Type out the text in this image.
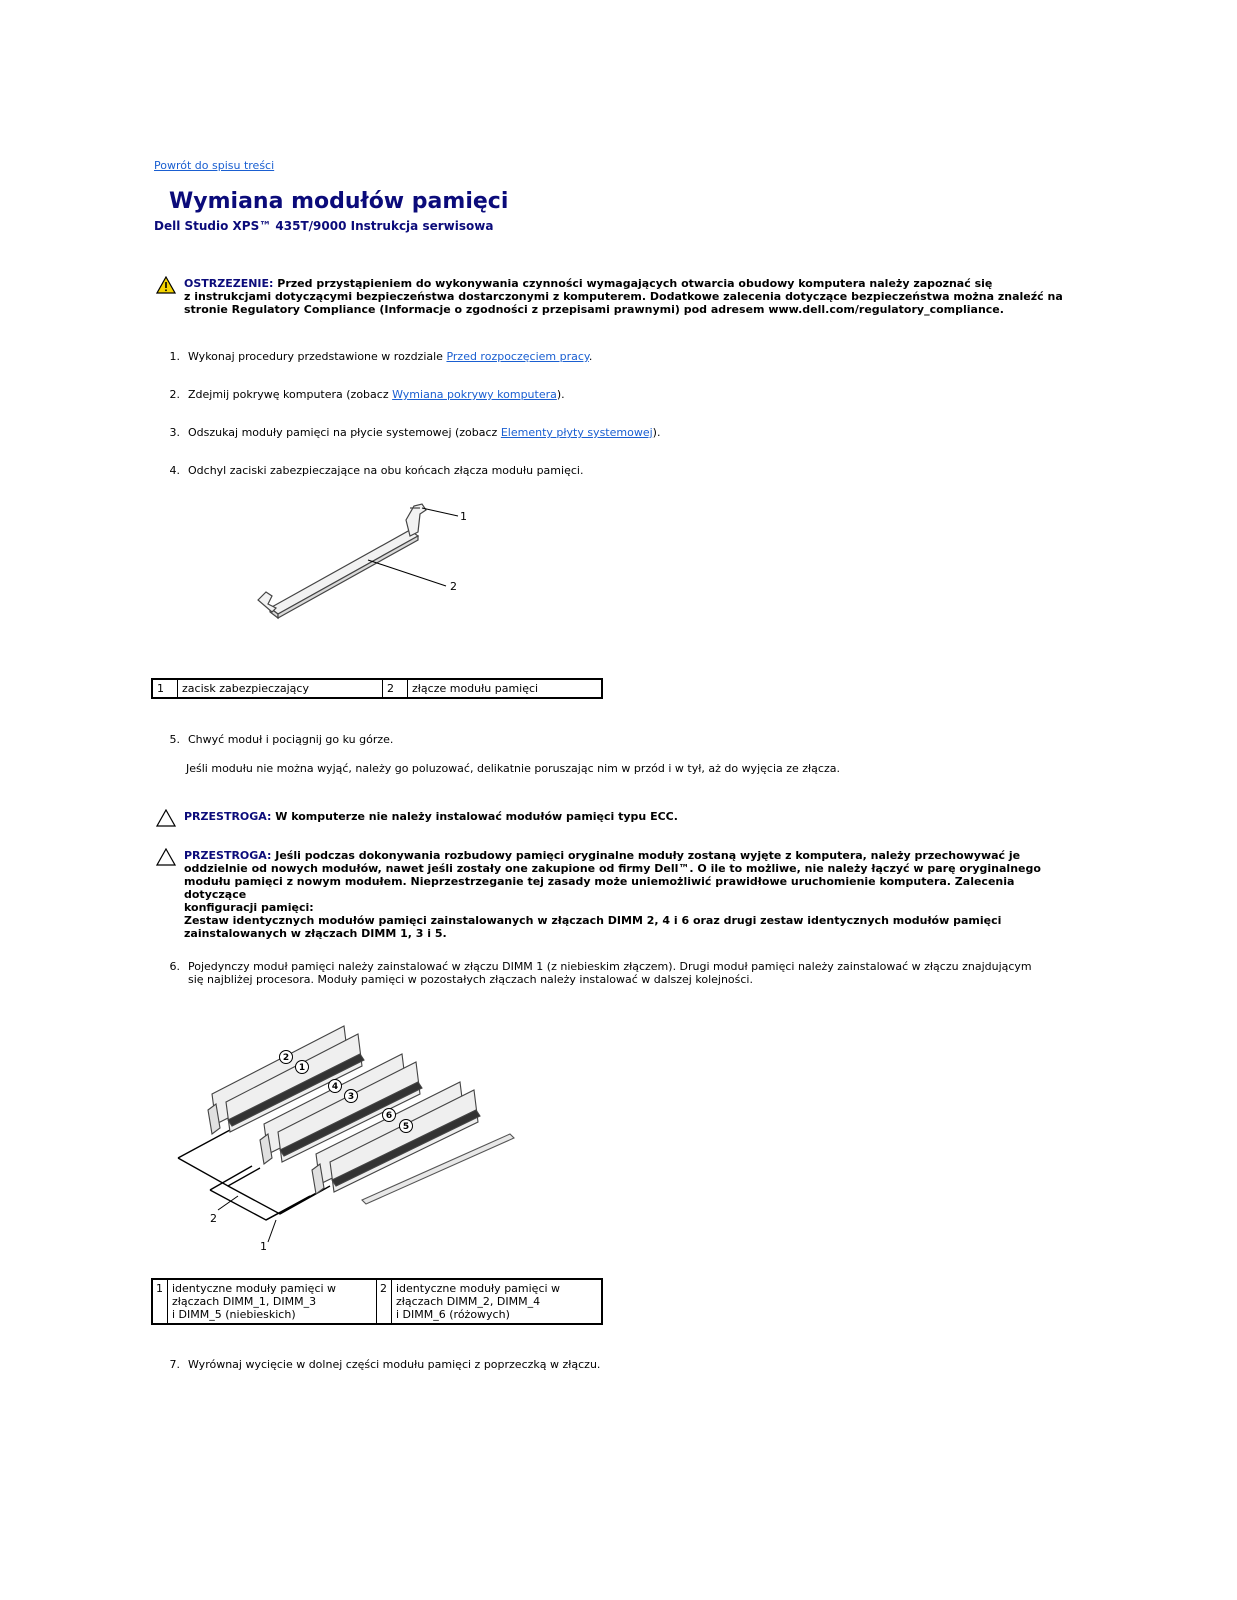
Powrót do spisu treści
Wymiana modułów pamięci
Dell Studio XPS™ 435T/9000 Instrukcja serwisowa
OSTRZEZENIE: Przed przystąpieniem do wykonywania czynności wymagających otwarcia obudowy komputera należy zapoznać się
z instrukcjami dotyczącymi bezpieczeństwa dostarczonymi z komputerem. Dodatkowe zalecenia dotyczące bezpieczeństwa można znaleźć na
stronie Regulatory Compliance (Informacje o zgodności z przepisami prawnymi) pod adresem www.dell.com/regulatory_compliance.
1. Wykonaj procedury przedstawione w rozdziale Przed rozpoczęciem pracy.
2. Zdejmij pokrywę komputera (zobacz Wymiana pokrywy komputera).
3. Odszukaj moduły pamięci na płycie systemowej (zobacz Elementy płyty systemowej).
4. Odchyl zaciski zabezpieczające na obu końcach złącza modułu pamięci.
1
2
1	zacisk zabezpieczający	2	złącze modułu pamięci
5. Chwyć moduł i pociągnij go ku górze.
Jeśli modułu nie można wyjąć, należy go poluzować, delikatnie poruszając nim w przód i w tył, aż do wyjęcia ze złącza.
PRZESTROGA: W komputerze nie należy instalować modułów pamięci typu ECC.
PRZESTROGA: Jeśli podczas dokonywania rozbudowy pamięci oryginalne moduły zostaną wyjęte z komputera, należy przechowywać je
oddzielnie od nowych modułów, nawet jeśli zostały one zakupione od firmy Dell™. O ile to możliwe, nie należy łączyć w parę oryginalnego
modułu pamięci z nowym modułem. Nieprzestrzeganie tej zasady może uniemożliwić prawidłowe uruchomienie komputera. Zalecenia dotyczące
konfiguracji pamięci:
Zestaw identycznych modułów pamięci zainstalowanych w złączach DIMM 2, 4 i 6 oraz drugi zestaw identycznych modułów pamięci
zainstalowanych w złączach DIMM 1, 3 i 5.
6. Pojedynczy moduł pamięci należy zainstalować w złączu DIMM 1 (z niebieskim złączem). Drugi moduł pamięci należy zainstalować w złączu znajdującym
się najbliżej procesora. Moduły pamięci w pozostałych złączach należy instalować w dalszej kolejności.
2
1
2
1
4
3
6
5
1	identyczne moduły pamięci w
złączach DIMM_1, DIMM_3
i DIMM_5 (niebieskich)
	2	identyczne moduły pamięci w
złączach DIMM_2, DIMM_4
i DIMM_6 (różowych)
7. Wyrównaj wycięcie w dolnej części modułu pamięci z poprzeczką w złączu.
